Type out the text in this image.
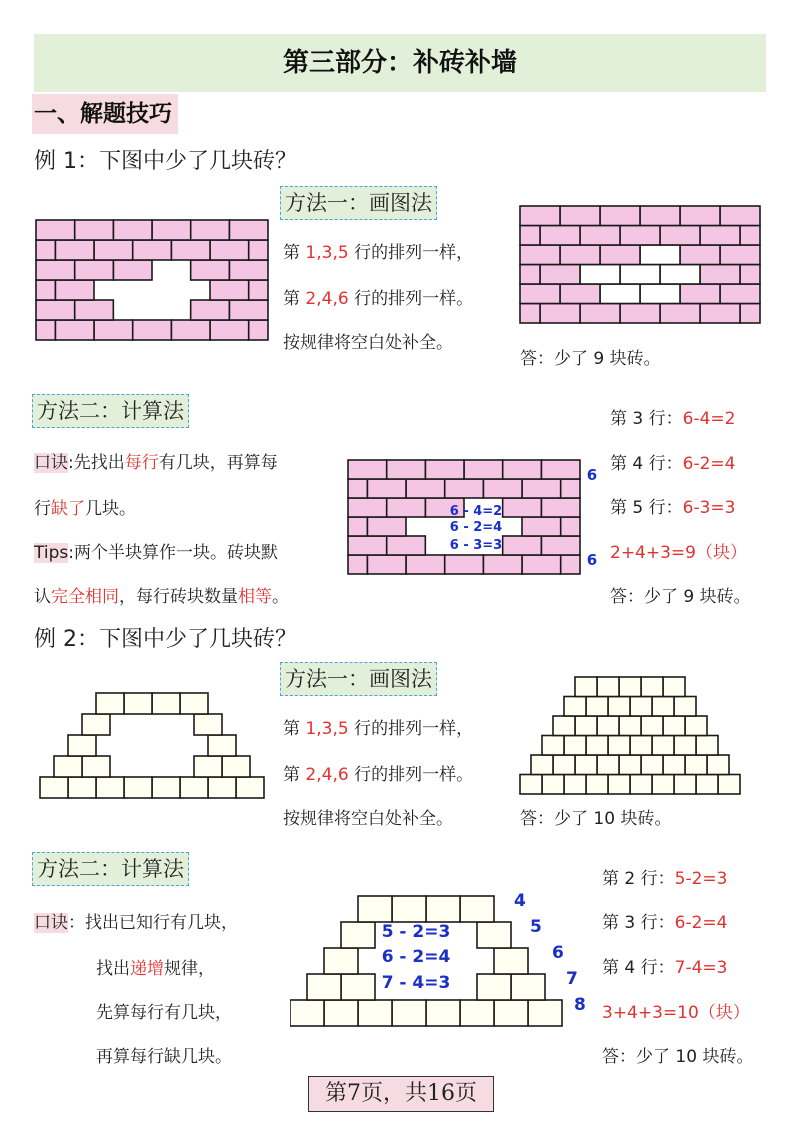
第三部分：补砖补墙
一、解题技巧
例 1：下图中少了几块砖？
方法一：画图法
第 1,3,5 行的排列一样，
第 2,4,6 行的排列一样。
按规律将空白处补全。
答：少了 9 块砖。
方法二：计算法
口诀:先找出每行有几块，再算每
行缺了几块。
Tips:两个半块算作一块。砖块默
认完全相同，每行砖块数量相等。
6 - 4=2
6 - 2=4
6 - 3=3
6
6
第 3 行：6-4=2
第 4 行：6-2=4
第 5 行：6-3=3
2+4+3=9（块）
答：少了 9 块砖。
例 2：下图中少了几块砖？
方法一：画图法
第 1,3,5 行的排列一样，
第 2,4,6 行的排列一样。
按规律将空白处补全。	答：少了 10 块砖。
方法二：计算法
口诀：找出已知行有几块，
找出递增规律，
先算每行有几块，
再算每行缺几块。
5 - 2=3
6 - 2=4
7 - 4=3
4
5
6
7
8
第 2 行：5-2=3
第 3 行：6-2=4
第 4 行：7-4=3
3+4+3=10（块）
答：少了 10 块砖。
第7页，共16页
